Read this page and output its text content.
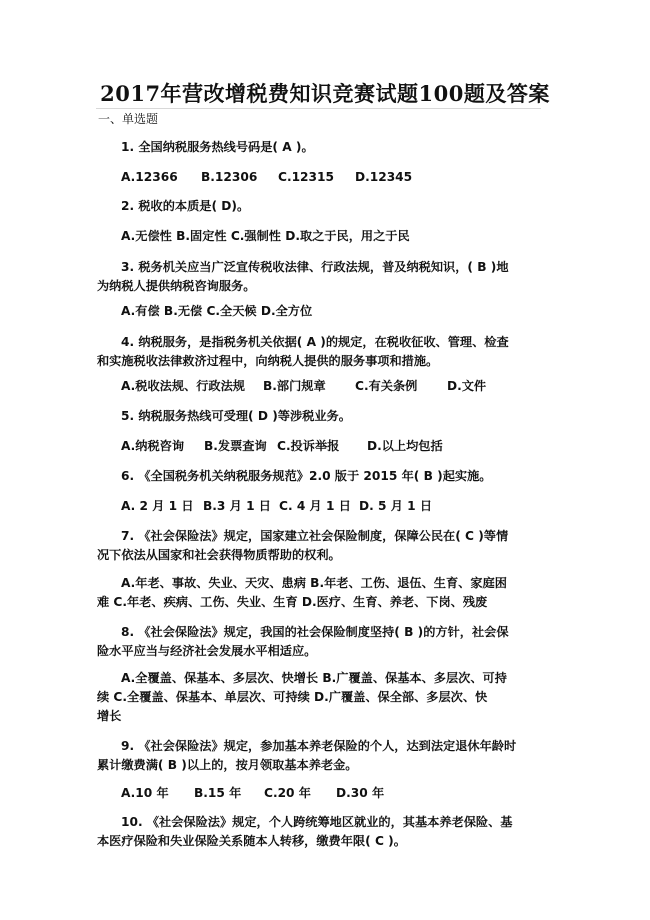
2017年营改增税费知识竞赛试题100题及答案
一、单选题
1. 全国纳税服务热线号码是( A )。
A.12366 B.12306 C.12315 D.12345
2. 税收的本质是( D)。
A.无偿性 B.固定性 C.强制性 D.取之于民，用之于民
3. 税务机关应当广泛宣传税收法律、行政法规，普及纳税知识，( B )地
为纳税人提供纳税咨询服务。
A.有偿 B.无偿 C.全天候 D.全方位
4. 纳税服务，是指税务机关依据( A )的规定，在税收征收、管理、检查
和实施税收法律救济过程中，向纳税人提供的服务事项和措施。
A.税收法规、行政法规 B.部门规章 C.有关条例 D.文件
5. 纳税服务热线可受理( D )等涉税业务。
A.纳税咨询 B.发票查询 C.投诉举报 D.以上均包括
6. 《全国税务机关纳税服务规范》2.0 版于 2015 年( B )起实施。
A. 2 月 1 日 B.3 月 1 日 C. 4 月 1 日 D. 5 月 1 日
7. 《社会保险法》规定，国家建立社会保险制度，保障公民在( C )等情
况下依法从国家和社会获得物质帮助的权利。
A.年老、事故、失业、天灾、患病 B.年老、工伤、退伍、生育、家庭困
难 C.年老、疾病、工伤、失业、生育 D.医疗、生育、养老、下岗、残废
8. 《社会保险法》规定，我国的社会保险制度坚持( B )的方针，社会保
险水平应当与经济社会发展水平相适应。
A.全覆盖、保基本、多层次、快增长 B.广覆盖、保基本、多层次、可持
续 C.全覆盖、保基本、单层次、可持续 D.广覆盖、保全部、多层次、快
增长
9. 《社会保险法》规定，参加基本养老保险的个人，达到法定退休年龄时
累计缴费满( B )以上的，按月领取基本养老金。
A.10 年 B.15 年 C.20 年 D.30 年
10. 《社会保险法》规定，个人跨统筹地区就业的，其基本养老保险、基
本医疗保险和失业保险关系随本人转移，缴费年限( C )。
